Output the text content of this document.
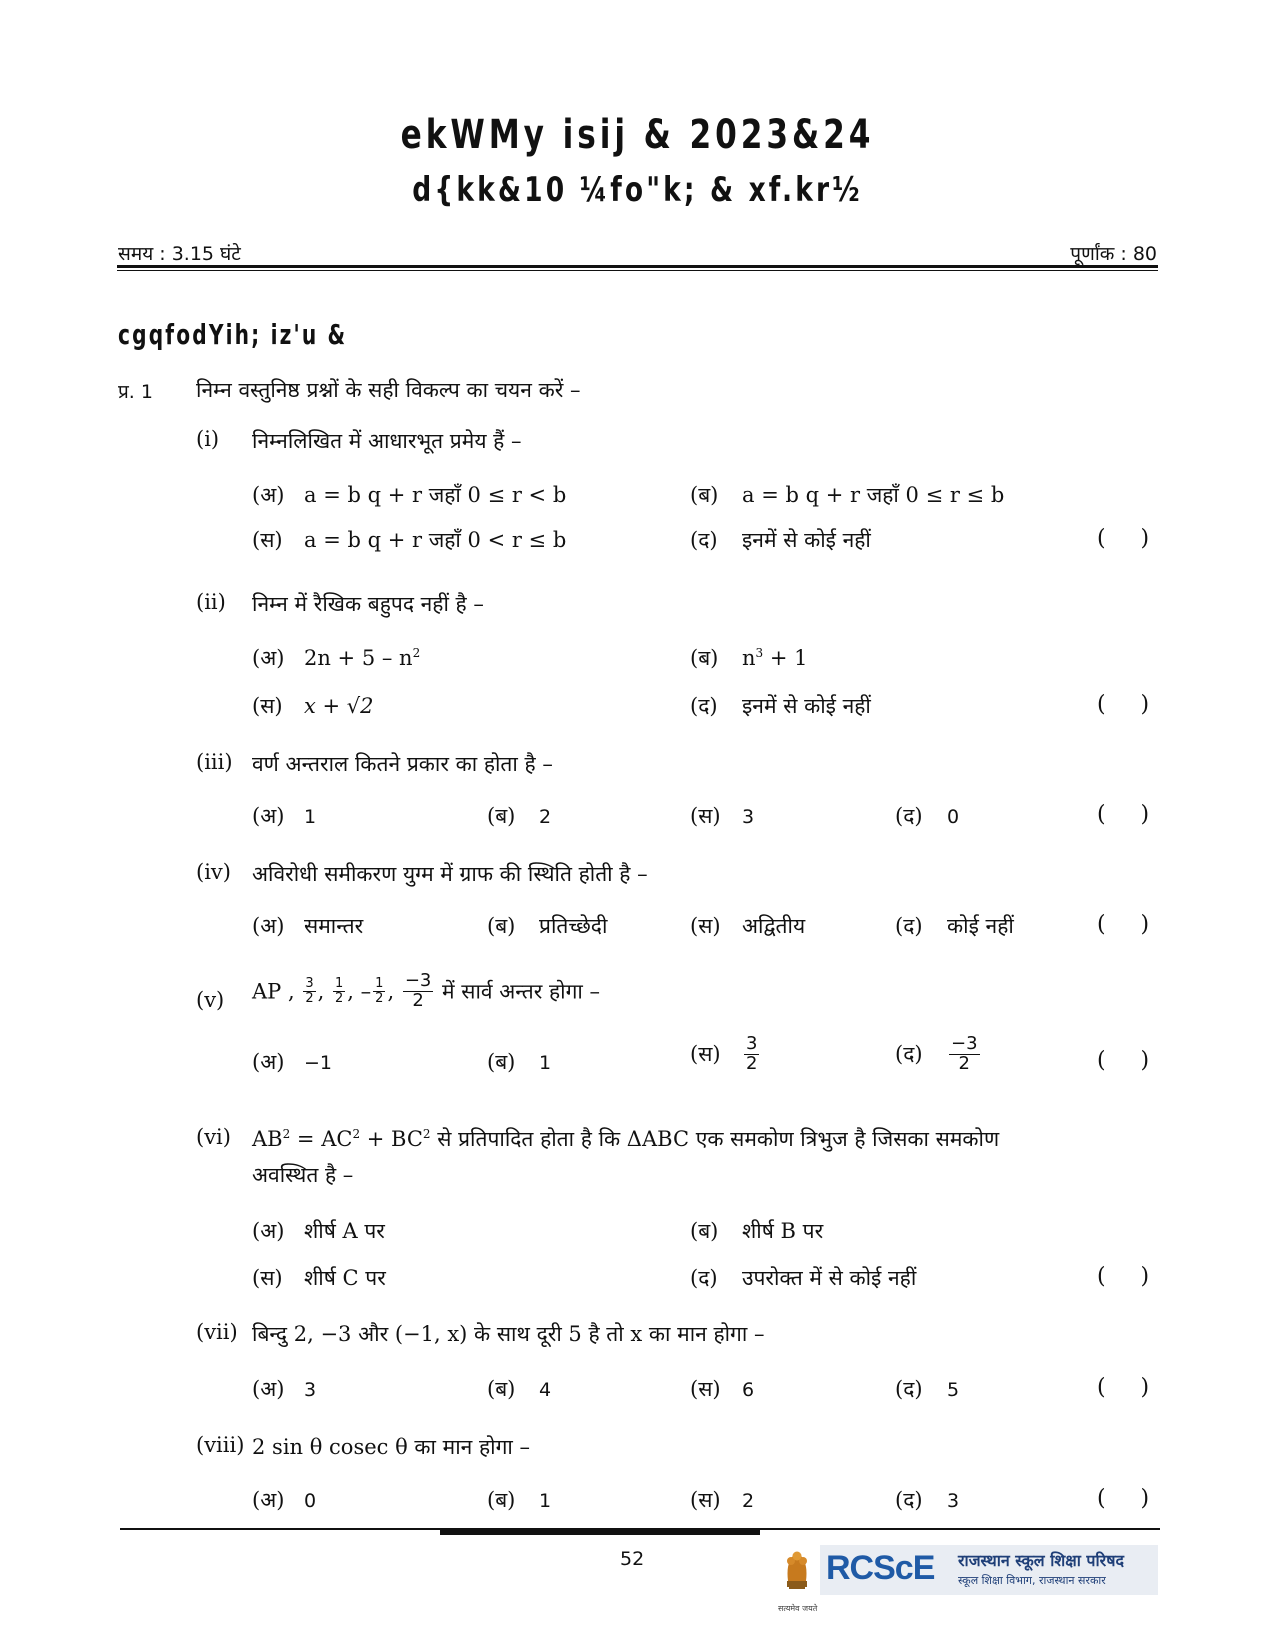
ekWMy isij & 2023&24
d{kk&10 ¼fo"k; & xf.kr½
समय : 3.15 घंटे	पूर्णांक : 80
cgqfodYih; iz'u &
प्र. 1 निम्न वस्तुनिष्ठ प्रश्नों के सही विकल्प का चयन करें –
(i) निम्नलिखित में आधारभूत प्रमेय हैं –
(अ) a = b q + r जहाँ 0 ≤ r < b	(ब) a = b q + r जहाँ 0 ≤ r ≤ b
(स) a = b q + r जहाँ 0 < r ≤ b	(द) इनमें से कोई नहीं	(     )
(ii) निम्न में रैखिक बहुपद नहीं है –
(अ) $2n + 5 - n^2$	(ब) $n^3 + 1$
(स) x + √2	(द) इनमें से कोई नहीं	(     )
(iii) वर्ण अन्तराल कितने प्रकार का होता है –
(अ) 1	(ब) 2	(स) 3	(द) 0	(     )
(iv) अविरोधी समीकरण युग्म में ग्राफ की स्थिति होती है –
(अ) समान्तर	(ब) प्रतिच्छेदी	(स) अद्वितीय	(द) कोई नहीं	(     )
(v) AP , $\frac{3}{2}$ , $\frac{1}{2}$ , – $\frac{1}{2}$ , $\frac{-3}{2}$ में सार्व अन्तर होगा –
(अ) −1	(ब) 1	(स) $\frac{3}{2}$	(द) $\frac{-3}{2}$	(     )
(vi) $AB^2 = AC^2 + BC^2$ से प्रतिपादित होता है कि ΔABC एक समकोण त्रिभुज है जिसका समकोण
अवस्थित है –
(अ) शीर्ष A पर	(ब) शीर्ष B पर
(स) शीर्ष C पर	(द) उपरोक्त में से कोई नहीं	(     )
(vii) बिन्दु 2, −3 और (−1, x) के साथ दूरी 5 है तो x का मान होगा –
(अ) 3	(ब) 4	(स) 6	(द) 5	(     )
(viii) 2 sin θ cosec θ का मान होगा –
(अ) 0	(ब) 1	(स) 2	(द) 3	(     )
52
सत्यमेव जयते
RCScE राजस्थान स्कूल शिक्षा परिषद
स्कूल शिक्षा विभाग, राजस्थान सरकार
